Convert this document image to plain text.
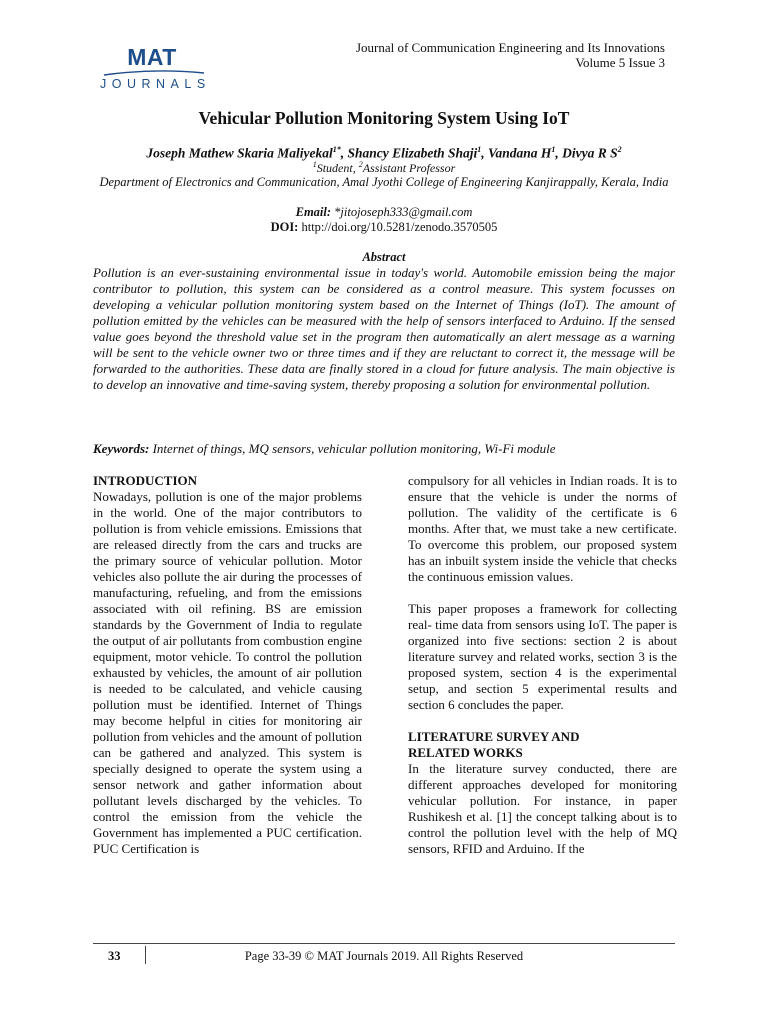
MAT
JOURNALS
Journal of Communication Engineering and Its Innovations
Volume 5 Issue 3
Vehicular Pollution Monitoring System Using IoT
Joseph Mathew Skaria Maliyekal$^{1*}$, Shancy Elizabeth Shaji$^1$, Vandana $H^1$, Divya R $S^2$
$^1$Student, $^2$Assistant Professor
Department of Electronics and Communication, Amal Jyothi College of Engineering Kanjirappally, Kerala, India
Email: *jitojoseph333@gmail.com
DOI: http://doi.org/10.5281/zenodo.3570505
Abstract
Pollution is an ever-sustaining environmental issue in today's world. Automobile emission being the major contributor to pollution, this system can be considered as a control measure. This system focusses on developing a vehicular pollution monitoring system based on the Internet of Things (IoT). The amount of pollution emitted by the vehicles can be measured with the help of sensors interfaced to Arduino. If the sensed value goes beyond the threshold value set in the program then automatically an alert message as a warning will be sent to the vehicle owner two or three times and if they are reluctant to correct it, the message will be forwarded to the authorities. These data are finally stored in a cloud for future analysis. The main objective is to develop an innovative and time-saving system, thereby proposing a solution for environmental pollution.
Keywords: Internet of things, MQ sensors, vehicular pollution monitoring, Wi-Fi module
INTRODUCTION

Nowadays, pollution is one of the major problems in the world. One of the major contributors to pollution is from vehicle emissions. Emissions that are released directly from the cars and trucks are the primary source of vehicular pollution. Motor vehicles also pollute the air during the processes of manufacturing, refueling, and from the emissions associated with oil refining. BS are emission standards by the Government of India to regulate the output of air pollutants from combustion engine equipment, motor vehicle. To control the pollution exhausted by vehicles, the amount of air pollution is needed to be calculated, and vehicle causing pollution must be identified. Internet of Things may become helpful in cities for monitoring air pollution from vehicles and the amount of pollution can be gathered and analyzed. This system is specially designed to operate the system using a sensor network and gather information about pollutant levels discharged by the vehicles. To control the emission from the vehicle the Government has implemented a PUC certification. PUC Certification is

compulsory for all vehicles in Indian roads. It is to ensure that the vehicle is under the norms of pollution. The validity of the certificate is 6 months. After that, we must take a new certificate. To overcome this problem, our proposed system has an inbuilt system inside the vehicle that checks the continuous emission values.

This paper proposes a framework for collecting real- time data from sensors using IoT. The paper is organized into five sections: section 2 is about literature survey and related works, section 3 is the proposed system, section 4 is the experimental setup, and section 5 experimental results and section 6 concludes the paper.

LITERATURE SURVEY AND
RELATED WORKS

In the literature survey conducted, there are different approaches developed for monitoring vehicular pollution. For instance, in paper Rushikesh et al. [1] the concept talking about is to control the pollution level with the help of MQ sensors, RFID and Arduino. If the

33	Page 33-39 © MAT Journals 2019. All Rights Reserved
